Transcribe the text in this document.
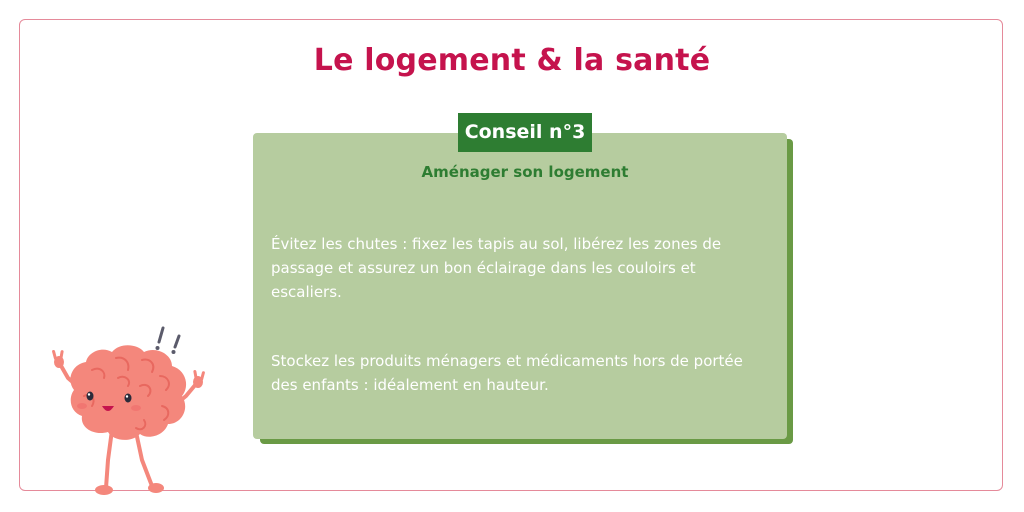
Le logement & la santé
Conseil n°3
Aménager son logement
Évitez les chutes : fixez les tapis au sol, libérez les zones de passage et assurez un bon éclairage dans les couloirs et escaliers.
Stockez les produits ménagers et médicaments hors de portée des enfants : idéalement en hauteur.
